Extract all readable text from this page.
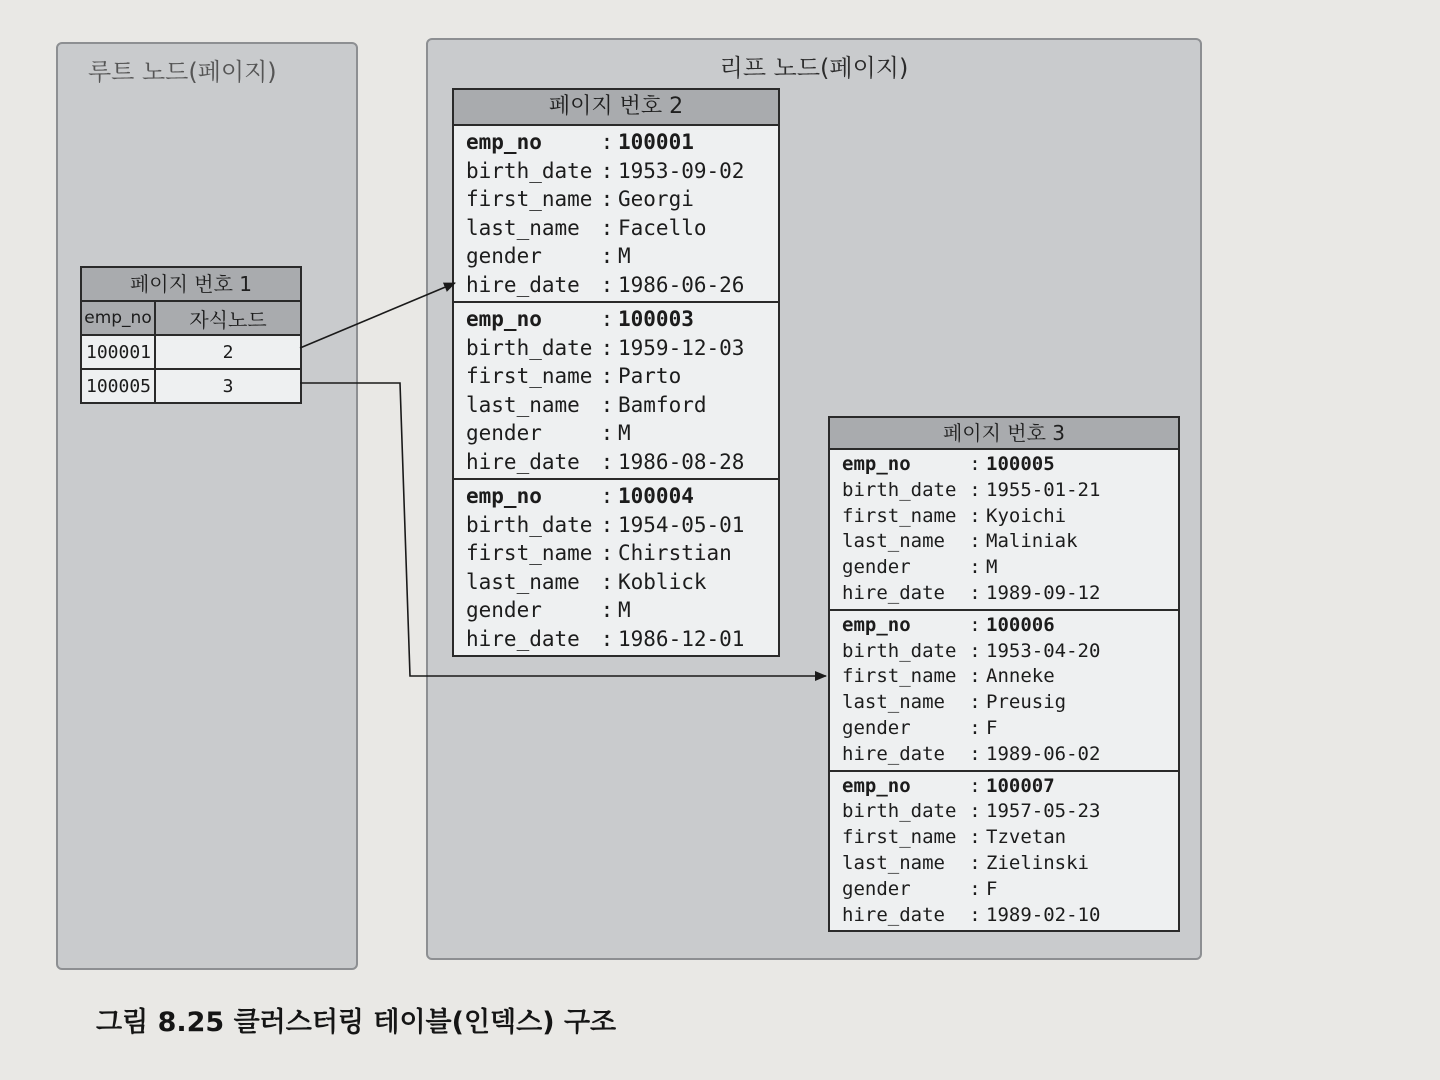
루트 노드(페이지)	리프 노드(페이지)
페이지 번호 1
emp_no	자식노드
100001	2
100005	3
페이지 번호 2
emp_no	: 100001
birth_date : 1953-09-02
first_name : Georgi
last_name : Facello
gender	: M
hire_date : 1986-06-26
emp_no	: 100003
birth_date : 1959-12-03
first_name : Parto
last_name : Bamford
gender	: M
hire_date : 1986-08-28
emp_no	: 100004
birth_date : 1954-05-01
first_name : Chirstian
last_name : Koblick
gender	: M
hire_date : 1986-12-01
페이지 번호 3
emp_no	: 100005
birth_date : 1955-01-21
first_name : Kyoichi
last_name	: Maliniak
gender	: M
hire_date	: 1989-09-12
emp_no	: 100006
birth_date : 1953-04-20
first_name : Anneke
last_name	: Preusig
gender	: F
hire_date	: 1989-06-02
emp_no	: 100007
birth_date : 1957-05-23
first_name : Tzvetan
last_name	: Zielinski
gender	: F
hire_date	: 1989-02-10
그림 8.25 클러스터링 테이블(인덱스) 구조
